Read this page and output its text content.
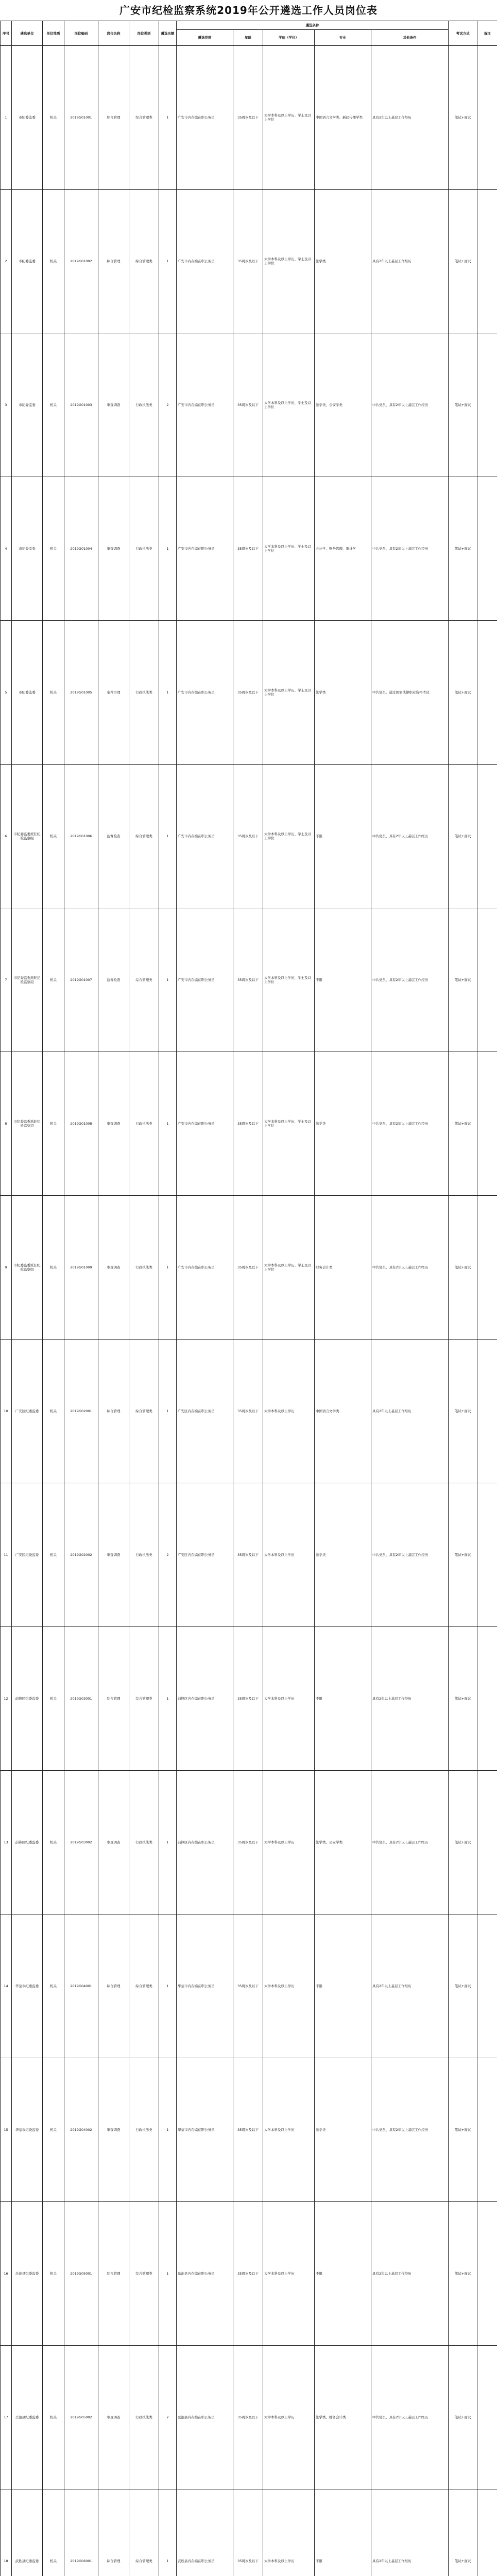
广安市纪检监察系统2019年公开遴选工作人员岗位表
序号	遴选单位	单位性质	岗位编码	岗位名称	岗位类别	遴选名额	遴选条件					考试方式	备注
							遴选范围	年龄	学历（学位）	专业	其他条件		
1	市纪委监委	机关	2019G01001	综合管理	综合管理类	1	广安市内在编在职公务员	35周岁及以下	大学本科及以上学历、学士及以上学位	中国语言文学类、新闻传播学类	具有2年以上基层工作经历	笔试+面试	
2	市纪委监委	机关	2019G01002	综合管理	综合管理类	1	广安市内在编在职公务员	35周岁及以下	大学本科及以上学历、学士及以上学位	法学类	具有2年以上基层工作经历	笔试+面试	
3	市纪委监委	机关	2019G01003	审查调查	行政执法类	2	广安市内在编在职公务员	35周岁及以下	大学本科及以上学历、学士及以上学位	法学类、公安学类	中共党员，具有2年以上基层工作经历	笔试+面试	
4	市纪委监委	机关	2019G01004	审查调查	行政执法类	1	广安市内在编在职公务员	35周岁及以下	大学本科及以上学历、学士及以上学位	会计学、财务管理、审计学	中共党员，具有2年以上基层工作经历	笔试+面试	
5	市纪委监委	机关	2019G01005	案件审理	行政执法类	1	广安市内在编在职公务员	35周岁及以下	大学本科及以上学历、学士及以上学位	法学类	中共党员，通过国家法律职业资格考试	笔试+面试	
6	市纪委监委派驻纪检监察组	机关	2019G01006	监督检查	综合管理类	1	广安市内在编在职公务员	35周岁及以下	大学本科及以上学历、学士及以上学位	不限	中共党员，具有2年以上基层工作经历	笔试+面试	
7	市纪委监委派驻纪检监察组	机关	2019G01007	监督检查	综合管理类	1	广安市内在编在职公务员	35周岁及以下	大学本科及以上学历、学士及以上学位	不限	中共党员，具有2年以上基层工作经历	笔试+面试	
8	市纪委监委派驻纪检监察组	机关	2019G01008	审查调查	行政执法类	1	广安市内在编在职公务员	35周岁及以下	大学本科及以上学历、学士及以上学位	法学类	中共党员，具有2年以上基层工作经历	笔试+面试	
9	市纪委监委派驻纪检监察组	机关	2019G01009	审查调查	行政执法类	1	广安市内在编在职公务员	35周岁及以下	大学本科及以上学历、学士及以上学位	财务会计类	中共党员，具有2年以上基层工作经历	笔试+面试	
10	广安区纪委监委	机关	2019G02001	综合管理	综合管理类	1	广安区内在编在职公务员	35周岁及以下	大学本科及以上学历	中国语言文学类	具有2年以上基层工作经历	笔试+面试	
11	广安区纪委监委	机关	2019G02002	审查调查	行政执法类	2	广安区内在编在职公务员	35周岁及以下	大学本科及以上学历	法学类	中共党员，具有2年以上基层工作经历	笔试+面试	
12	前锋区纪委监委	机关	2019G03001	综合管理	综合管理类	1	前锋区内在编在职公务员	35周岁及以下	大学本科及以上学历	不限	具有2年以上基层工作经历	笔试+面试	
13	前锋区纪委监委	机关	2019G03002	审查调查	行政执法类	1	前锋区内在编在职公务员	35周岁及以下	大学本科及以上学历	法学类、公安学类	中共党员，具有2年以上基层工作经历	笔试+面试	
14	华蓥市纪委监委	机关	2019G04001	综合管理	综合管理类	1	华蓥市内在编在职公务员	35周岁及以下	大学本科及以上学历	不限	具有2年以上基层工作经历	笔试+面试	
15	华蓥市纪委监委	机关	2019G04002	审查调查	行政执法类	1	华蓥市内在编在职公务员	35周岁及以下	大学本科及以上学历	法学类	中共党员，具有2年以上基层工作经历	笔试+面试	
16	岳池县纪委监委	机关	2019G05001	综合管理	综合管理类	1	岳池县内在编在职公务员	35周岁及以下	大学本科及以上学历	不限	具有2年以上基层工作经历	笔试+面试	
17	岳池县纪委监委	机关	2019G05002	审查调查	行政执法类	2	岳池县内在编在职公务员	35周岁及以下	大学本科及以上学历	法学类、财务会计类	中共党员，具有2年以上基层工作经历	笔试+面试	
18	武胜县纪委监委	机关	2019G06001	综合管理	综合管理类	1	武胜县内在编在职公务员	35周岁及以下	大学本科及以上学历	不限	具有2年以上基层工作经历	笔试+面试	
